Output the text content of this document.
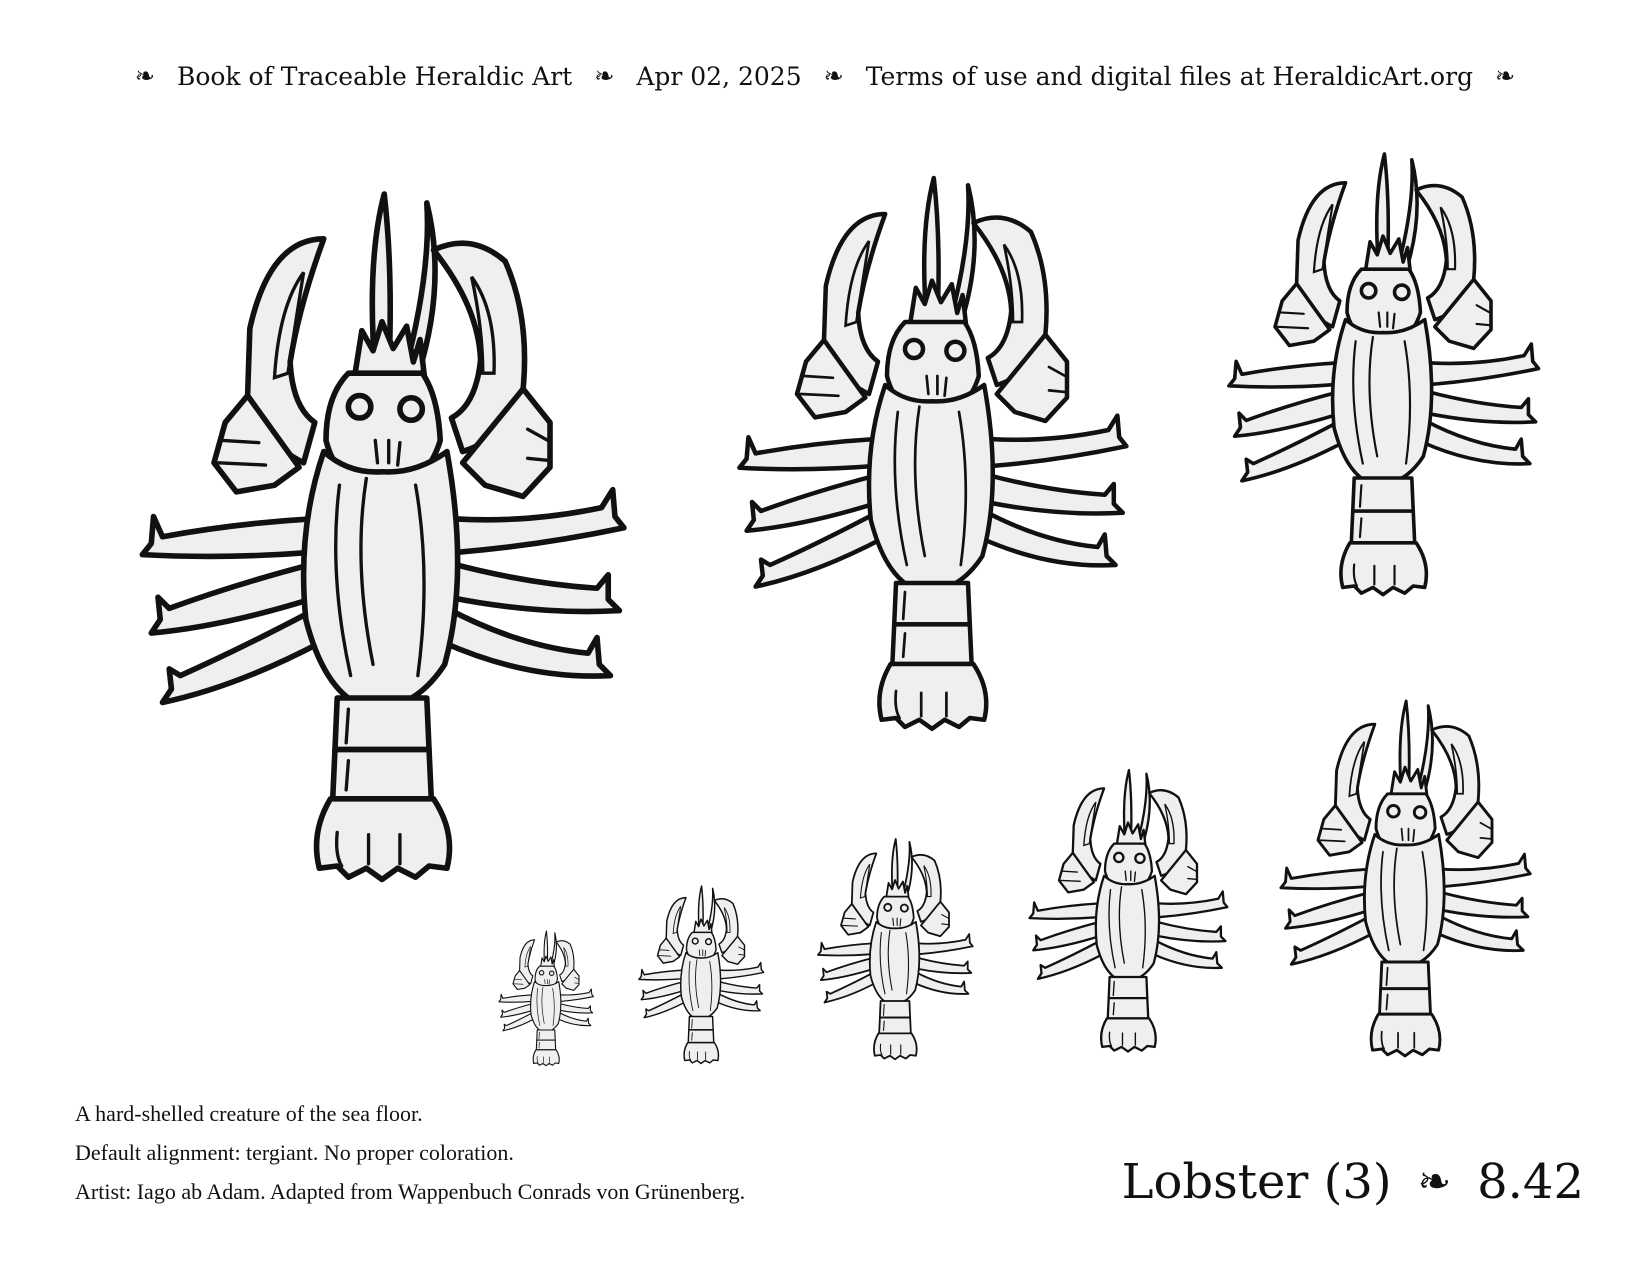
❧ Book of Traceable Heraldic Art ❧ Apr 02, 2025 ❧ Terms of use and digital files at HeraldicArt.org ❧
A hard-shelled creature of the sea floor.
Default alignment: tergiant. No proper coloration.
Artist: Iago ab Adam. Adapted from Wappenbuch Conrads von Grünenberg.	Lobster (3) ❧ 8.42
